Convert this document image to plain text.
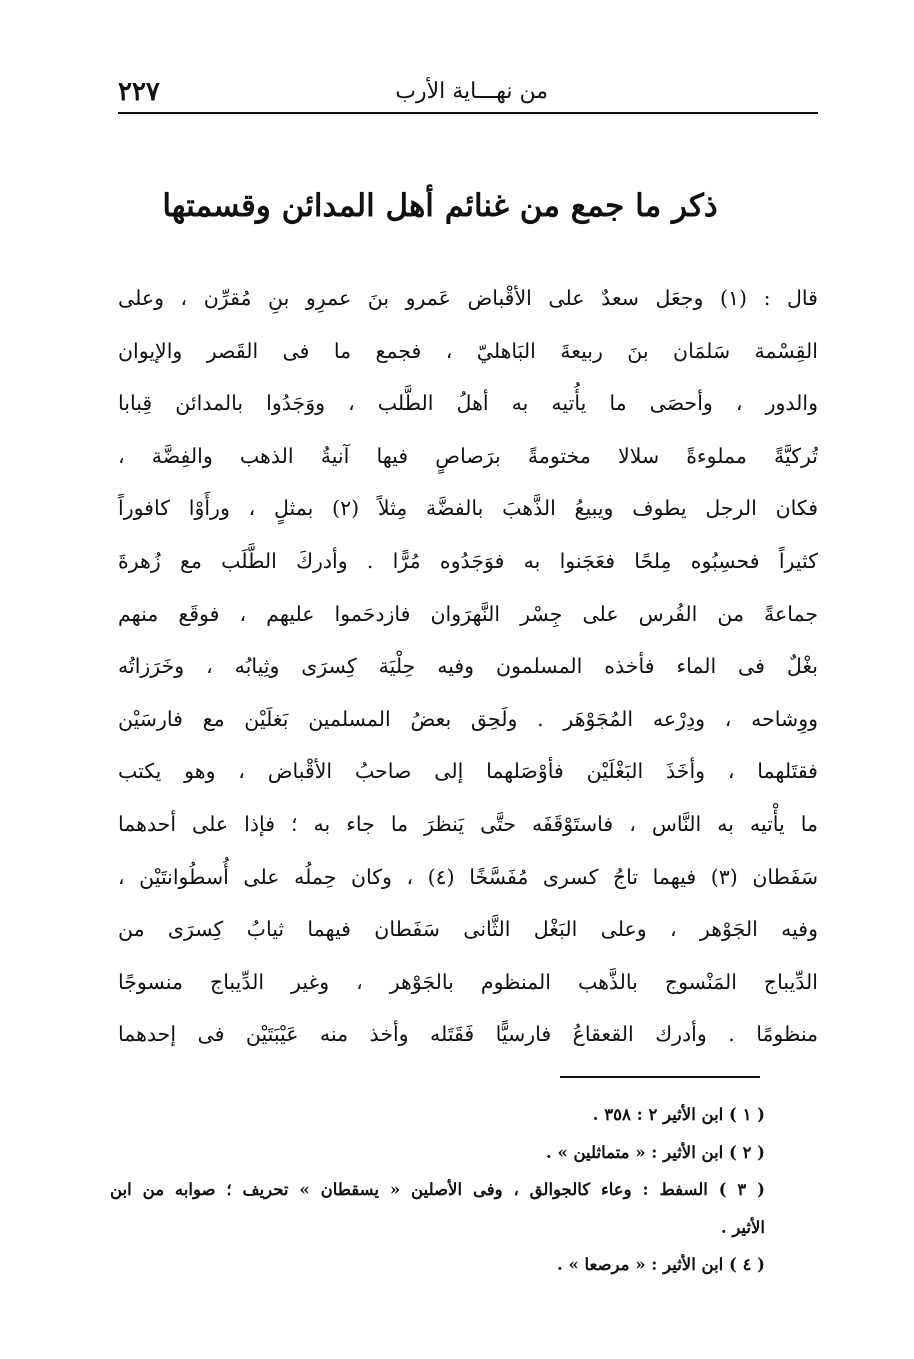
٢٢٧	من نهـــاية الأرب
ذكر ما جمع من غنائم أهل المدائن وقسمتها
قال : (١) وجعَل سعدٌ على الأقْباض عَمرو بنَ عمرِو بنِ مُقرِّن ، وعلى
القِسْمة سَلمَان بنَ ربيعةَ البَاهليّ ، فجمع ما فى القَصر والإيوان
والدور ، وأحصَى ما يأُتيه به أهلُ الطَّلب ، ووَجَدُوا بالمدائن قِبابا
تُركيَّةً مملوءةً سلالا مختومةً برَصاصٍ فيها آنيةُ الذهب والفِضَّة ،
فكان الرجل يطوف ويبيعُ الذَّهبَ بالفضَّة مِثلاً (٢) بمثلٍ ، ورأَوْا كافوراً
كثيراً فحسِبُوه مِلحًا فعَجَنوا به فوَجَدُوه مُرًّا . وأدركَ الطَّلَب مع زُهرةَ
جماعةً من الفُرس على جِسْر النَّهرَوان فازدحَموا عليهم ، فوقَع منهم
بغْلٌ فى الماء فأخذه المسلمون وفيه حِلْيَة كِسرَى وثِيابُه ، وخَرَزاتُه
ووِشاحه ، ودِرْعه المُجَوْهَر . ولَحِق بعضُ المسلمين بَغلَيْن مع فارسَيْن
فقتَلهما ، وأخَذَ البَغْلَيْن فأوْصَلهما إلى صاحبُ الأقْباض ، وهو يكتب
ما يأْتيه به النَّاس ، فاستَوْقَفَه حتَّى يَنظرَ ما جاء به ؛ فإذا على أحدهما
سَفَطان (٣) فيهما تاجُ كسرى مُفَسَّخًا (٤) ، وكان حِملُه على أُسطُوانتَيْن ،
وفيه الجَوْهر ، وعلى البَغْل الثَّانى سَفَطان فيهما ثيابُ كِسرَى من
الدِّيباج المَنْسوج بالذَّهب المنظوم بالجَوْهر ، وغير الدِّيباج منسوجًا
منظومًا . وأدرك القعقاعُ فارسيًّا فَقَتَله وأخذ منه عَيْبَتَيْن فى إحدهما
( ١ ) ابن الأثير ٢ : ٣٥٨ .
( ٢ ) ابن الأثير : « متماثلين » .
( ٣ ) السفط : وعاء كالجوالق ، وفى الأصلين « يسقطان » تحريف ؛ صوابه من ابن
الأثير .
( ٤ ) ابن الأثير : « مرصعا » .
